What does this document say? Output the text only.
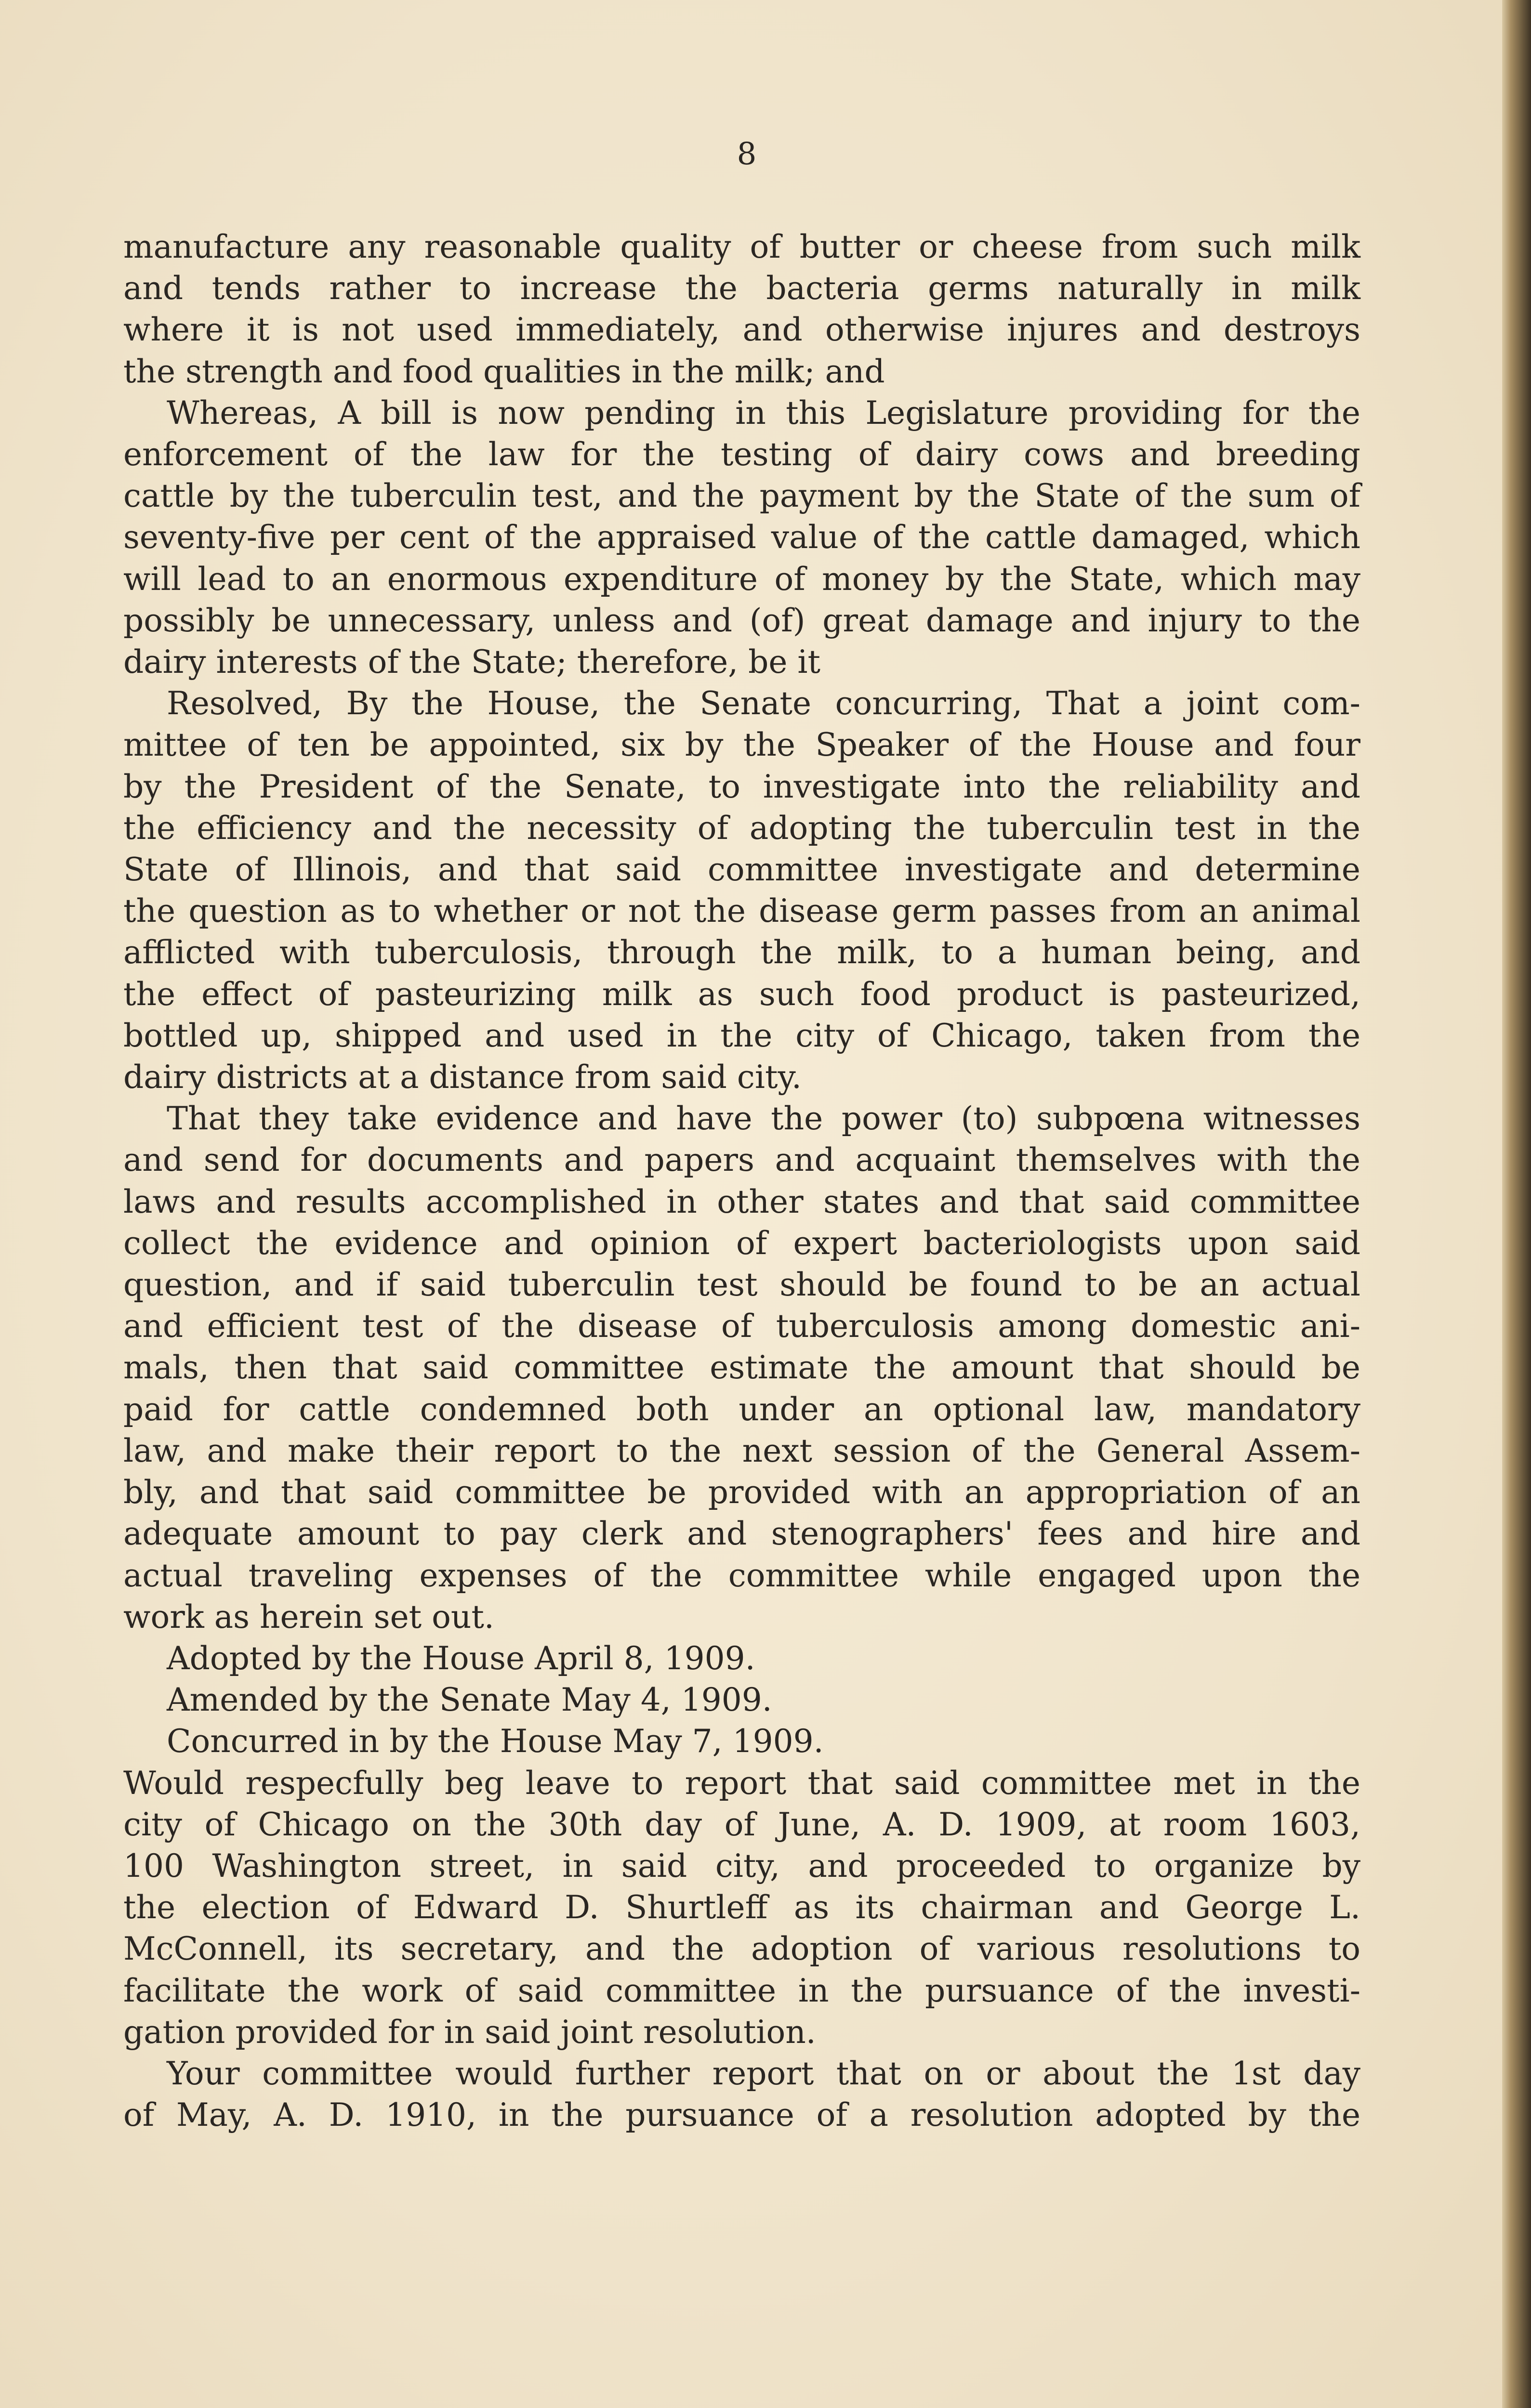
8
manufacture any reasonable quality of butter or cheese from such milk
and tends rather to increase the bacteria germs naturally in milk
where it is not used immediately, and otherwise injures and destroys
the strength and food qualities in the milk; and
Whereas, A bill is now pending in this Legislature providing for the
enforcement of the law for the testing of dairy cows and breeding
cattle by the tuberculin test, and the payment by the State of the sum of
seventy-five per cent of the appraised value of the cattle damaged, which
will lead to an enormous expenditure of money by the State, which may
possibly be unnecessary, unless and (of) great damage and injury to the
dairy interests of the State; therefore, be it
Resolved, By the House, the Senate concurring, That a joint com-
mittee of ten be appointed, six by the Speaker of the House and four
by the President of the Senate, to investigate into the reliability and
the efficiency and the necessity of adopting the tuberculin test in the
State of Illinois, and that said committee investigate and determine
the question as to whether or not the disease germ passes from an animal
afflicted with tuberculosis, through the milk, to a human being, and
the effect of pasteurizing milk as such food product is pasteurized,
bottled up, shipped and used in the city of Chicago, taken from the
dairy districts at a distance from said city.
That they take evidence and have the power (to) subpœna witnesses
and send for documents and papers and acquaint themselves with the
laws and results accomplished in other states and that said committee
collect the evidence and opinion of expert bacteriologists upon said
question, and if said tuberculin test should be found to be an actual
and efficient test of the disease of tuberculosis among domestic ani-
mals, then that said committee estimate the amount that should be
paid for cattle condemned both under an optional law, mandatory
law, and make their report to the next session of the General Assem-
bly, and that said committee be provided with an appropriation of an
adequate amount to pay clerk and stenographers' fees and hire and
actual traveling expenses of the committee while engaged upon the
work as herein set out.
Adopted by the House April 8, 1909.
Amended by the Senate May 4, 1909.
Concurred in by the House May 7, 1909.
Would respecfully beg leave to report that said committee met in the
city of Chicago on the 30th day of June, A. D. 1909, at room 1603,
100 Washington street, in said city, and proceeded to organize by
the election of Edward D. Shurtleff as its chairman and George L.
McConnell, its secretary, and the adoption of various resolutions to
facilitate the work of said committee in the pursuance of the investi-
gation provided for in said joint resolution.
Your committee would further report that on or about the 1st day
of May, A. D. 1910, in the pursuance of a resolution adopted by the
